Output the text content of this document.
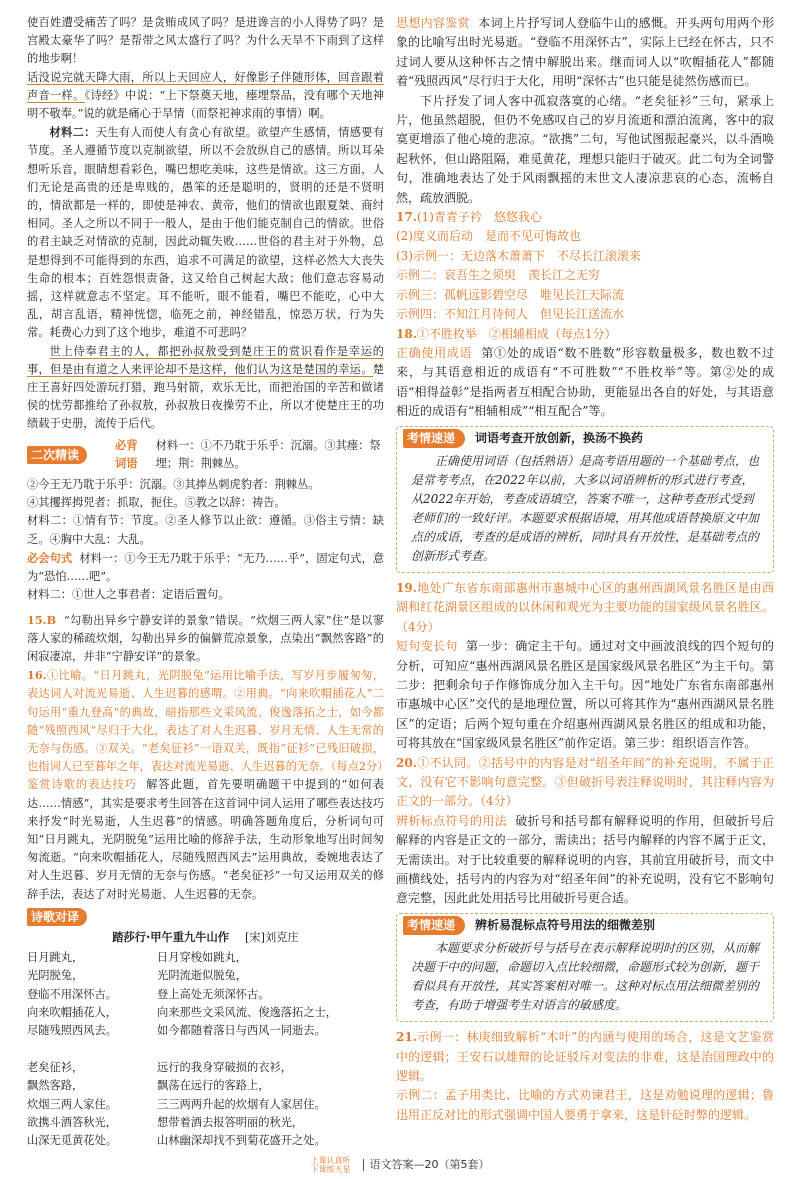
使百姓遭受痛苦了吗？是贪贿成风了吗？是进谗言的小人得势了吗？是宫殿太豪华了吗？是帮带之风太盛行了吗？为什么天旱不下雨到了这样的地步啊！

话没说完就天降大雨，所以上天回应人，好像影子伴随形体，回音跟着声音一样。《诗经》中说：“上下祭奠天地，瘗埋祭品，没有哪个天地神明不敬奉。”说的就是痛心于旱情（而祭祀神求雨的事情）啊。

材料二：天生有人而使人有贪心有欲望。欲望产生感情，情感要有节度。圣人遵循节度以克制欲望，所以不会放纵自己的感情。所以耳朵想听乐音，眼睛想看彩色，嘴巴想吃美味，这些是情欲。这三方面，人们无论是高贵的还是卑贱的，愚笨的还是聪明的，贤明的还是不贤明的，情欲都是一样的，即使是神农、黄帝，他们的情欲也跟夏桀、商纣相同。圣人之所以不同于一般人，是由于他们能克制自己的情欲。世俗的君主缺乏对情欲的克制，因此动辄失败……世俗的君主对于外物，总是想得到不可能得到的东西，追求不可满足的欲望，这样必然大大丧失生命的根本；百姓怨恨责备，这又给自己树起大敌；他们意志容易动摇，这样就意志不坚定。耳不能听，眼不能看，嘴巴不能吃，心中大乱，胡言乱语，精神恍惚，临死之前，神经错乱，惊恐万状，行为失常。耗费心力到了这个地步，难道不可悲吗？

世上侍奉君主的人，都把孙叔敖受到楚庄王的赏识看作是幸运的事，但是由有道之人来评论却不是这样，他们认为这是楚国的幸运。楚庄王喜好四处游玩打猎，跑马射箭，欢乐无比，而把治国的辛苦和做诸侯的忧劳都推给了孙叔敖，孙叔敖日夜操劳不止，所以才使楚庄王的功绩载于史册，流传于后代。

二次精读
必背词语
材料一：①不乃耽于乐乎：沉溺。③其瘗：祭埋；荆：荆棘丛。

②今王无乃耽于乐乎：沉溺。③其捧丛刺虎豹者：荆棘丛。

④其攫挥拇兕者：抓取，扼住。⑤教之以辞：祷告。

材料二：①情有节：节度。②圣人修节以止欲：遵循。③俗主亏情：缺乏。④胸中大乱：大乱。

必会句式 材料一：①今王无乃耽于乐乎：“无乃……乎”，固定句式，意为“恐怕……吧”。

材料二：①世人之事君者：定语后置句。

15.B “勾勒出异乡宁静安详的景象”错误。“炊烟三两人家”住”是以寥落人家的稀疏炊烟，勾勒出异乡的偏僻荒凉景象，点染出“飘然客路”的闲寂凄凉，并非“宁静安详”的景象。

16.①比喻。“日月跳丸，光阴脱兔”运用比喻手法，写岁月步履匆匆，表达词人对流光易逝、人生迟暮的感喟。②用典。“向来吹帽插花人”二句运用“重九登高”的典故，暗指那些文采风流、俊逸落拓之士，如今都随“残照西风”尽归于大化，表达了对人生迟暮、岁月无情、人生无常的无奈与伤感。③双关。“老矣征衫”一语双关，既指“征衫”已残旧破损，也指词人已至暮年之年，表达对流光易逝、人生迟暮的无奈。（每点2分）

鉴赏诗歌的表达技巧 解答此题，首先要明确题干中提到的“如何表达……情感”，其实是要求考生回答在这首词中词人运用了哪些表达技巧来抒发“时光易逝，人生迟暮”的情感。明确答题角度后，分析词句可知“日月跳丸，光阴脱兔”运用比喻的修辞手法，生动形象地写出时间匆匆流逝。“向来吹帽插花人，尽随残照西风去”运用典故，委婉地表达了对人生迟暮、岁月无情的无奈与伤感。“老矣征衫”一句又运用双关的修辞手法，表达了对时光易逝、人生迟暮的无奈。

诗歌对译
踏莎行·甲午重九牛山作 [宋]刘克庄
日月跳丸，	日月穿梭如跳丸，
光阴脱兔，	光阴流逝似脱兔，
登临不用深怀古。	登上高处无须深怀古。
向来吹帽插花人，	向来那些文采风流、俊逸落拓之士，
尽随残照西风去。	如今都随着落日与西风一同逝去。
老矣征衫，	远行的我身穿破损的衣衫，
飘然客路，	飘荡在远行的客路上，
炊烟三两人家住。	三三两两升起的炊烟有人家居住。
欲携斗酒答秋光，	想带着酒去报答明丽的秋光，
山深无觅黄花处。	山林幽深却找不到菊花盛开之处。

思想内容鉴赏 本词上片抒写词人登临牛山的感慨。开头两句用两个形象的比喻写出时光易逝。“登临不用深怀古”，实际上已经在怀古，只不过词人要从这种怀古之情中解脱出来。继而词人以“吹帽插花人”都随着“残照西风”尽行归于大化，用明“深怀古”也只能是徒然伤感而已。

下片抒发了词人客中孤寂落寞的心绪。“老矣征衫”三句，紧承上片，他虽然超脱，但仍不免感叹自己的岁月流逝和漂泊流离，客中的寂寞更增添了他心境的悲凉。“欲携”二句，写他试图振起豪兴，以斗酒唤起秋怀，但山路阻隔，难觅黄花，理想只能归于破灭。此二句为全词警句，准确地表达了处于风雨飘摇的末世文人凄凉悲哀的心态，流畅自然，疏放洒脱。

17.(1)青青子衿　悠悠我心

(2)度义而后动　是而不见可悔故也

(3)示例一：无边落木萧萧下　不尽长江滚滚来

示例二：哀吾生之须臾　羡长江之无穷

示例三：孤帆远影碧空尽　唯见长江天际流

示例四：不知江月待何人　但见长江送流水

18.①不胜枚举　②相辅相成（每点1分）

正确使用成语 第①处的成语“数不胜数”形容数量极多，数也数不过来，与其语意相近的成语有“不可胜数”“不胜枚举”等。第②处的成语“相得益彰”是指两者互相配合协助，更能显出各自的好处，与其语意相近的成语有“相辅相成”“相互配合”等。

考情速递	词语考查开放创新，换汤不换药
正确使用词语（包括熟语）是高考语用题的一个基础考点，也是常考考点，在2022年以前，大多以词语辨析的形式进行考查，从2022年开始，考查成语填空，答案不唯一，这种考查形式受到老师们的一致好评。本题要求根据语境，用其他成语替换原文中加点的成语，考查的是成语的辨析，同时具有开放性，是基础考点的创新形式考查。

19.地处广东省东南部惠州市惠城中心区的惠州西湖风景名胜区是由西湖和红花湖景区组成的以休闲和观光为主要功能的国家级风景名胜区。（4分）

短句变长句 第一步：确定主干句。通过对文中画波浪线的四个短句的分析，可知应“惠州西湖风景名胜区是国家级风景名胜区”为主干句。第二步：把剩余句子作修饰成分加入主干句。因“地处广东省东南部惠州市惠城中心区”交代的是地理位置，所以可将其作为“惠州西湖风景名胜区”的定语；后两个短句重在介绍惠州西湖风景名胜区的组成和功能，可将其放在“国家级风景名胜区”前作定语。第三步：组织语言作答。

20.①不认同。②括号中的内容是对“绍圣年间”的补充说明，不属于正文，没有它不影响句意完整。③但破折号表注释说明时，其注释内容为正文的一部分。（4分）

辨析标点符号的用法 破折号和括号都有解释说明的作用，但破折号后解释的内容是正文的一部分，需读出；括号内解释的内容不属于正文，无需读出。对于比较重要的解释说明的内容，其前宜用破折号，而文中画横线处，括号内的内容为对“绍圣年间”的补充说明，没有它不影响句意完整，因此此处用括号比用破折号更合适。

考情速递	辨析易混标点符号用法的细微差别
本题要求分析破折号与括号在表示解释说明时的区别，从而解决题干中的问题，命题切入点比较细微，命题形式较为创新，题干看似具有开放性，其实答案相对唯一。这种对标点用法细微差别的考查，有助于增强考生对语言的敏感度。

21.示例一：林庚细致解析“木叶”的内涵与使用的场合，这是文艺鉴赏中的逻辑；王安石以雄辩的论证驳斥对变法的非难，这是治国理政中的逻辑。

示例二：孟子用类比、比喻的方式劝谏君王，这是劝勉说理的逻辑；鲁迅用正反对比的形式强调中国人要勇于拿来，这是针砭时弊的逻辑。

上课认真听
下课练天星 语文答案—20（第5套）
